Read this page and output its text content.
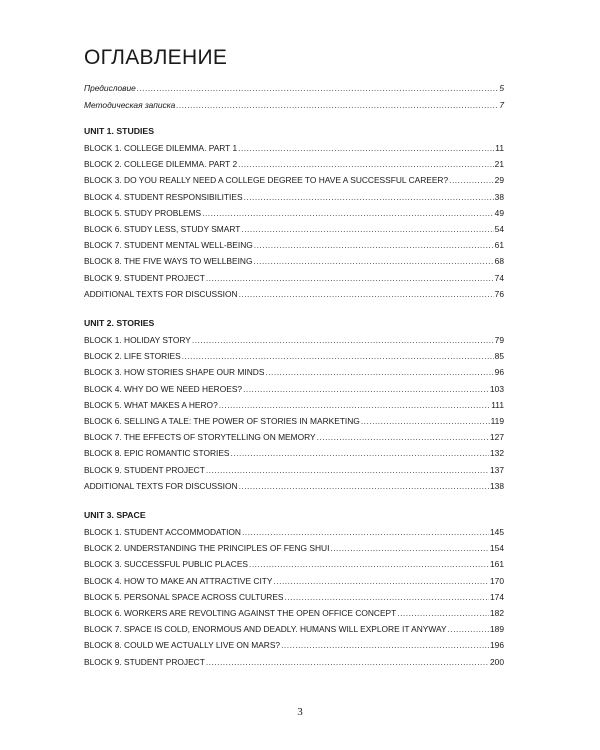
ОГЛАВЛЕНИЕ
Предисловие .....	5
Методическая записка .....	7
UNIT 1. STUDIES
BLOCK 1. COLLEGE DILEMMA. PART 1 .....	11
BLOCK 2. COLLEGE DILEMMA. PART 2 .....	21
BLOCK 3. DO YOU REALLY NEED A COLLEGE DEGREE TO HAVE A SUCCESSFUL CAREER? .....	29
BLOCK 4. STUDENT RESPONSIBILITIES .....	38
BLOCK 5. STUDY PROBLEMS .....	49
BLOCK 6. STUDY LESS, STUDY SMART .....	54
BLOCK 7. STUDENT MENTAL WELL-BEING .....	61
BLOCK 8. THE FIVE WAYS TO WELLBEING .....	68
BLOCK 9. STUDENT PROJECT .....	74
ADDITIONAL TEXTS FOR DISCUSSION .....	76
UNIT 2. STORIES
BLOCK 1. HOLIDAY STORY .....	79
BLOCK 2. LIFE STORIES .....	85
BLOCK 3. HOW STORIES SHAPE OUR MINDS .....	96
BLOCK 4. WHY DO WE NEED HEROES? .....	103
BLOCK 5. WHAT MAKES A HERO? .....	111
BLOCK 6. SELLING A TALE: THE POWER OF STORIES IN MARKETING .....	119
BLOCK 7. THE EFFECTS OF STORYTELLING ON MEMORY .....	127
BLOCK 8. EPIC ROMANTIC STORIES .....	132
BLOCK 9. STUDENT PROJECT .....	137
ADDITIONAL TEXTS FOR DISCUSSION .....	138
UNIT 3. SPACE
BLOCK 1. STUDENT ACCOMMODATION .....	145
BLOCK 2. UNDERSTANDING THE PRINCIPLES OF FENG SHUI .....	154
BLOCK 3. SUCCESSFUL PUBLIC PLACES .....	161
BLOCK 4. HOW TO MAKE AN ATTRACTIVE CITY .....	170
BLOCK 5. PERSONAL SPACE ACROSS CULTURES .....	174
BLOCK 6. WORKERS ARE REVOLTING AGAINST THE OPEN OFFICE CONCEPT .....	182
BLOCK 7. SPACE IS COLD, ENORMOUS AND DEADLY. HUMANS WILL EXPLORE IT ANYWAY .....	189
BLOCK 8. COULD WE ACTUALLY LIVE ON MARS? .....	196
BLOCK 9. STUDENT PROJECT .....	200
3
